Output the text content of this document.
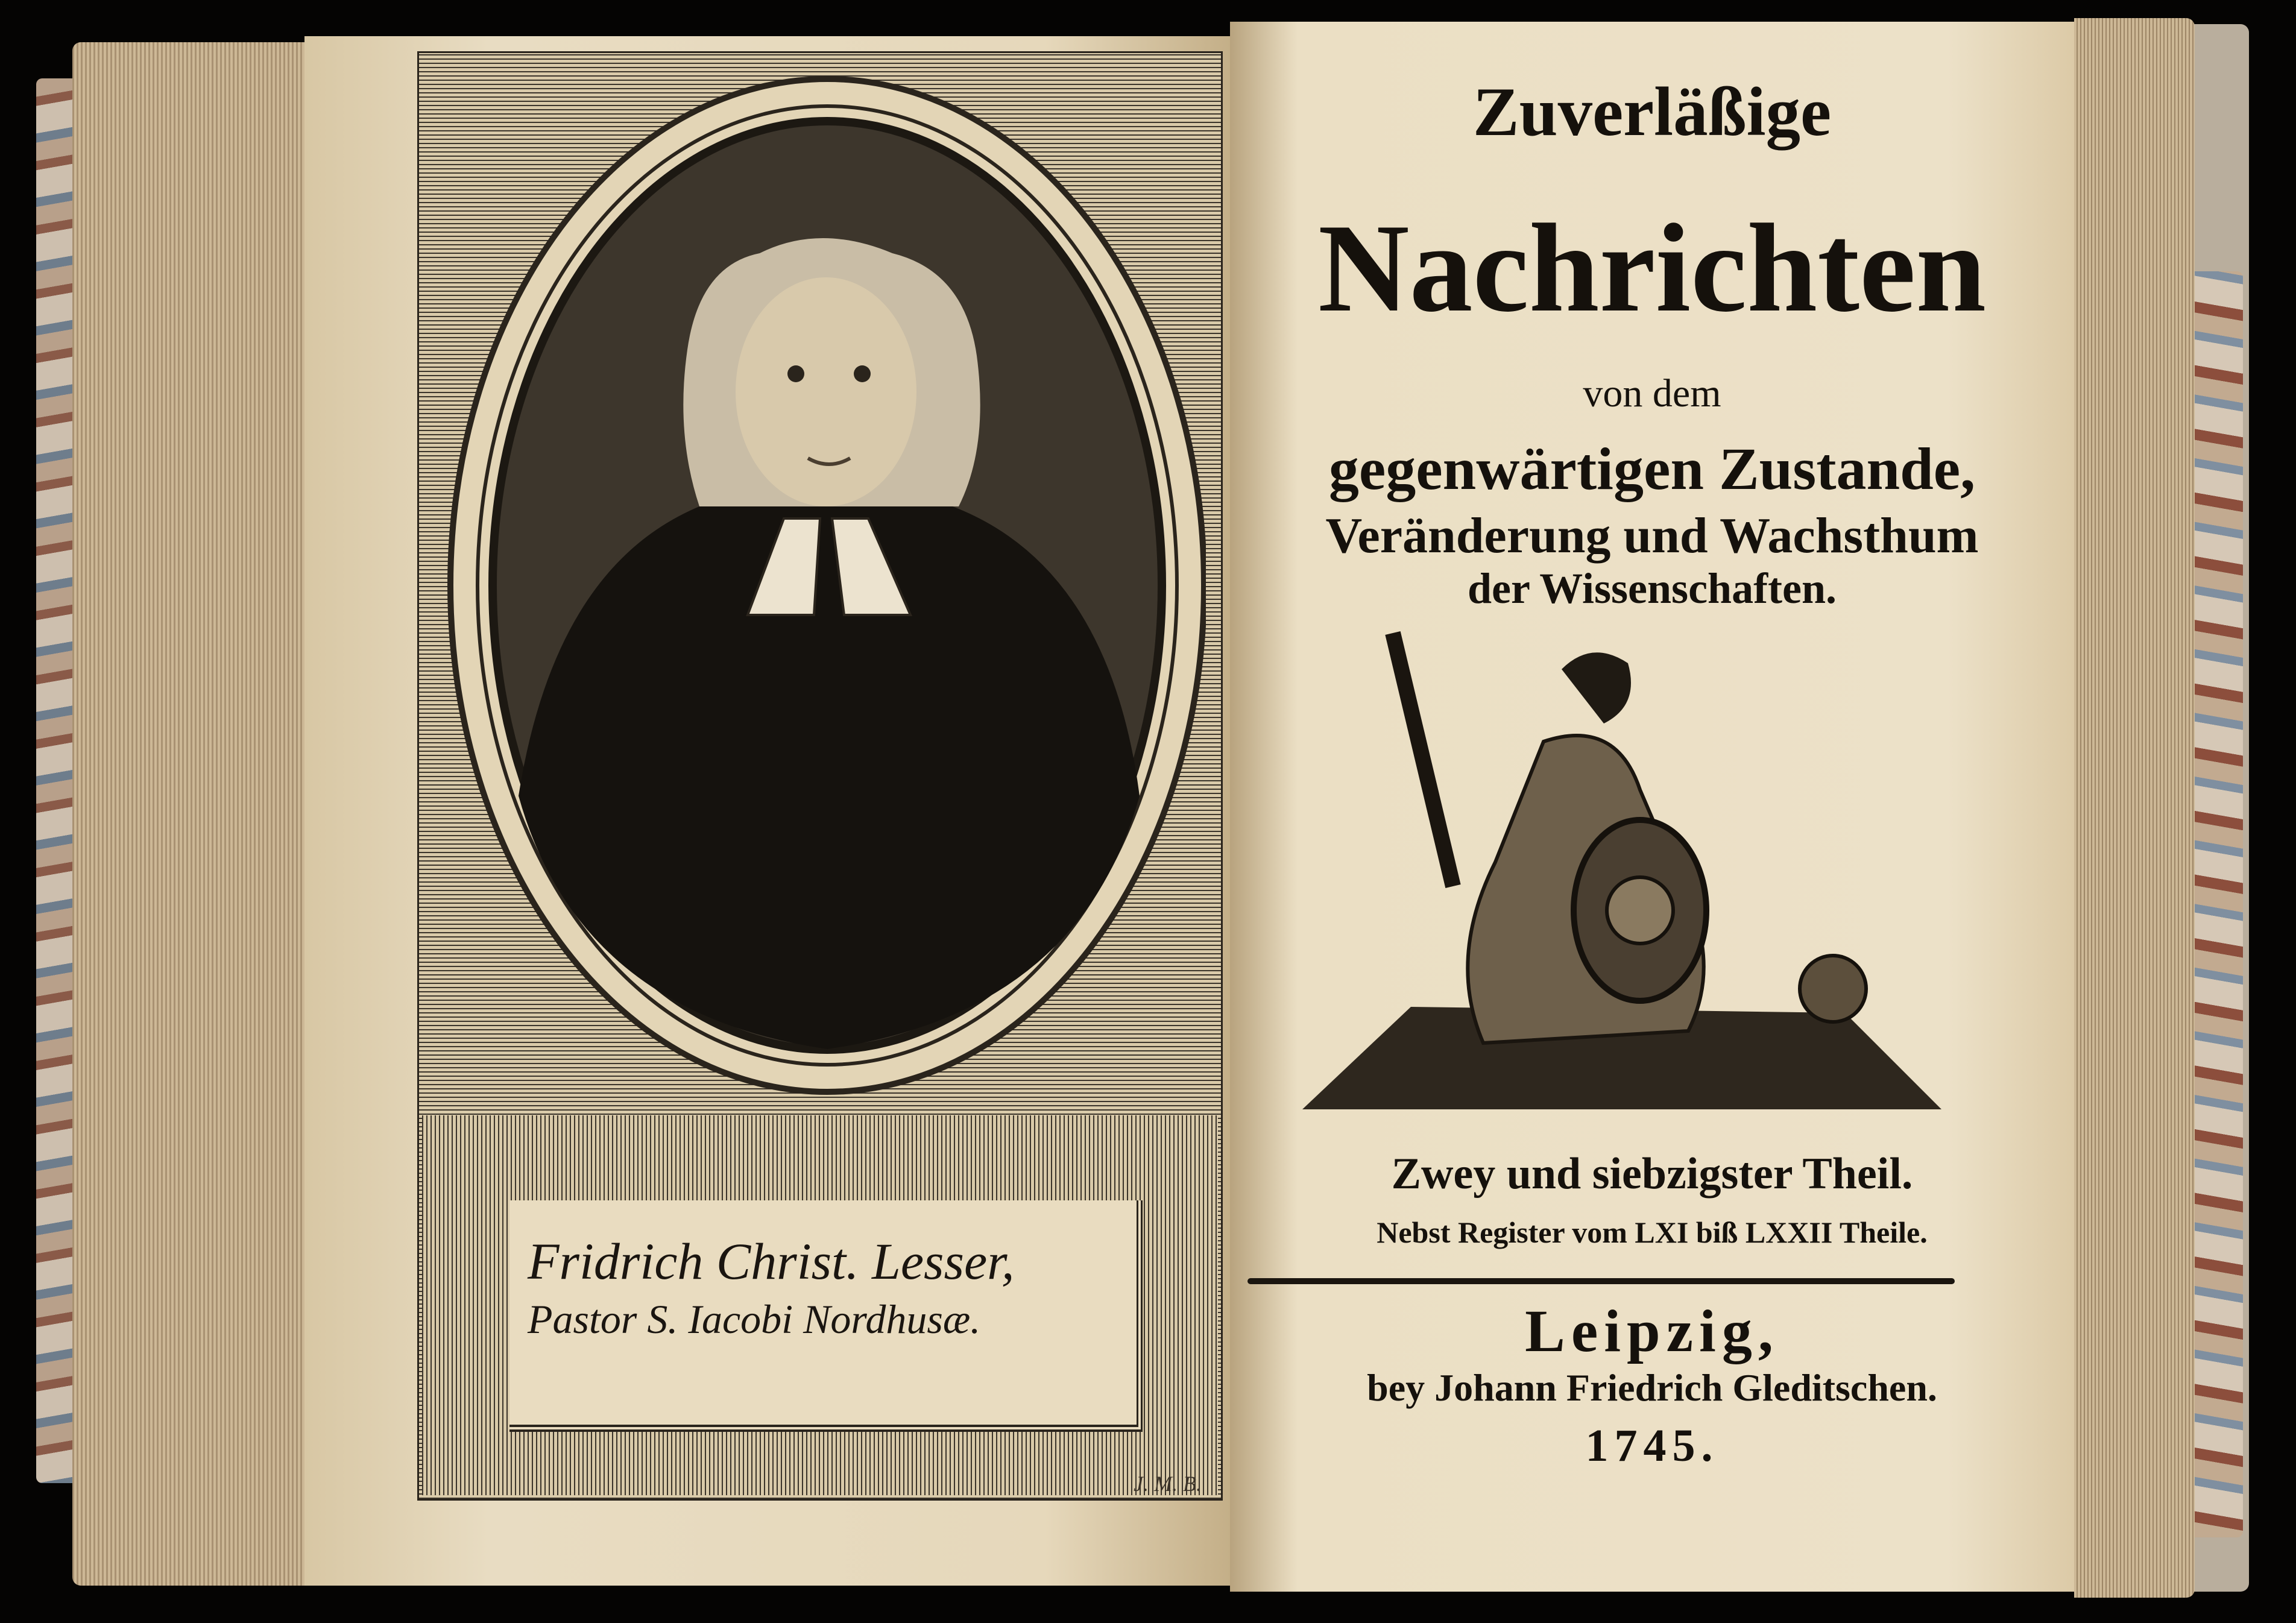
Fridrich Christ. Lesser,
Pastor S. Iacobi Nordhusæ.
J. M. B.
Zuverläßige
Nachrichten
von dem
gegenwärtigen Zustande,
Veränderung und Wachsthum
der Wissenschaften.
Zwey und siebzigster Theil.
Nebst Register vom LXI biß LXXII Theile.
Leipzig,
bey Johann Friedrich Gleditschen.
1745.
